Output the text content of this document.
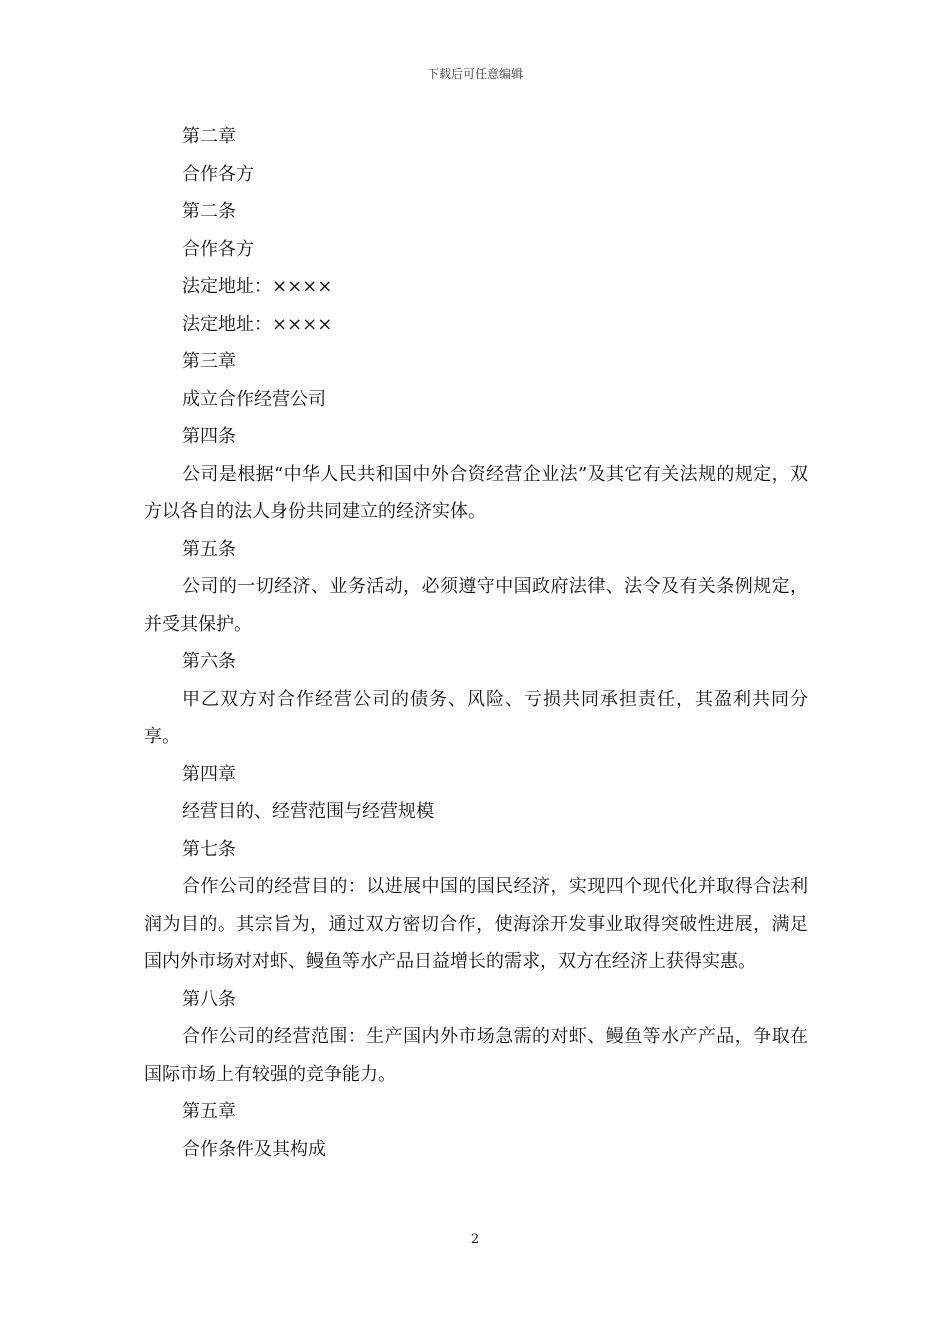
下载后可任意编辑

第二章

合作各方

第二条

合作各方

法定地址：××××

法定地址：××××

第三章

成立合作经营公司

第四条

公司是根据“中华人民共和国中外合资经营企业法”及其它有关法规的规定，双方以各自的法人身份共同建立的经济实体。

第五条

公司的一切经济、业务活动，必须遵守中国政府法律、法令及有关条例规定，并受其保护。

第六条

甲乙双方对合作经营公司的债务、风险、亏损共同承担责任，其盈利共同分享。

第四章

经营目的、经营范围与经营规模

第七条

合作公司的经营目的：以进展中国的国民经济，实现四个现代化并取得合法利润为目的。其宗旨为，通过双方密切合作，使海涂开发事业取得突破性进展，满足国内外市场对对虾、鳗鱼等水产品日益增长的需求，双方在经济上获得实惠。

第八条

合作公司的经营范围：生产国内外市场急需的对虾、鳗鱼等水产产品，争取在国际市场上有较强的竞争能力。

第五章

合作条件及其构成

2
